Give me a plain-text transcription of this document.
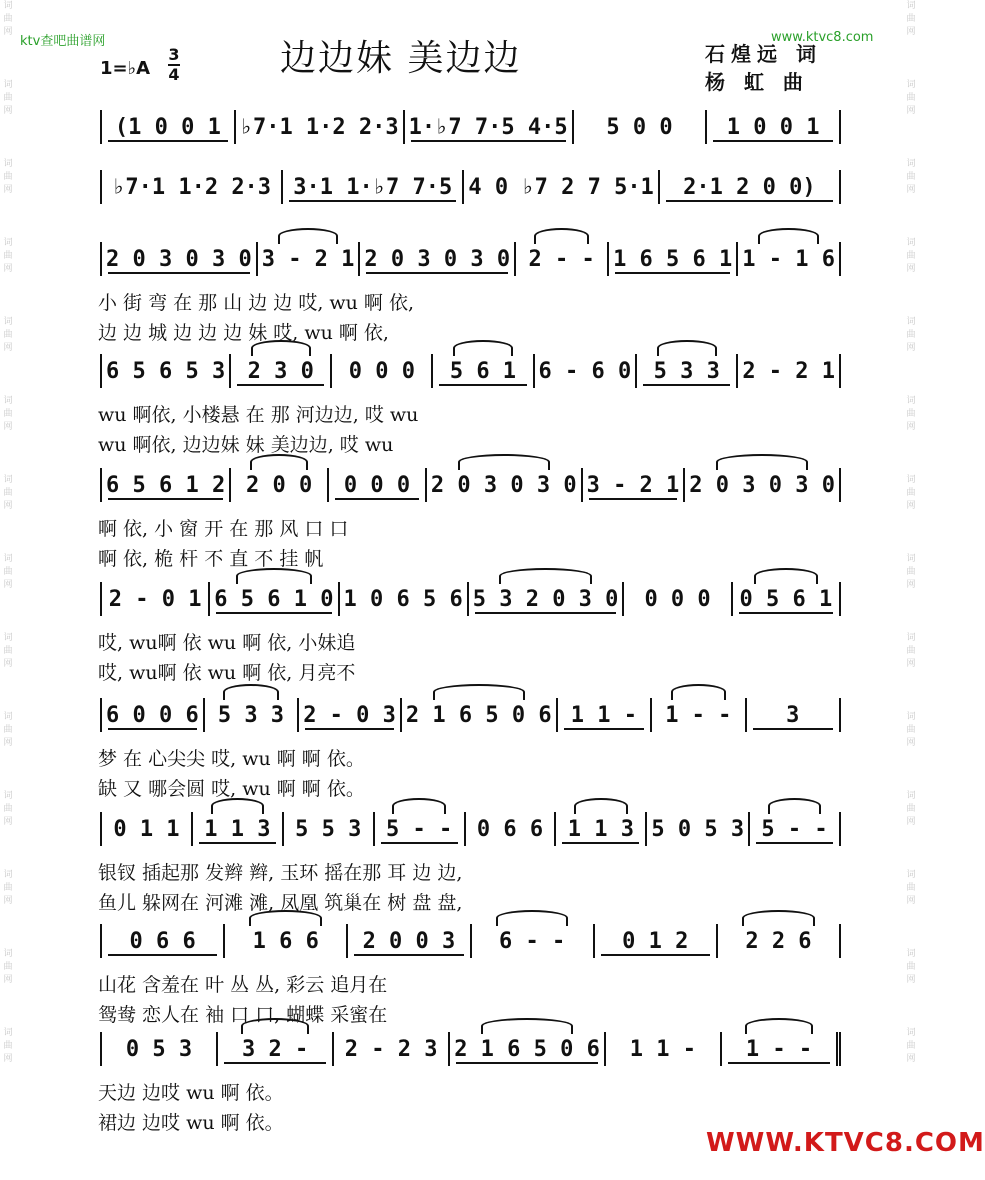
词
曲
网
词
曲
网
词
曲
网
词
曲
网
词
曲
网
词
曲
网
词
曲
网
词
曲
网
词
曲
网
词
曲
网
词
曲
网
词
曲
网
词
曲
网
词
曲
网
词
曲
网
词
曲
网
词
曲
网
词
曲
网
词
曲
网
词
曲
网
词
曲
网
词
曲
网
词
曲
网
词
曲
网
词
曲
网
词
曲
网
词
曲
网
词
曲
网
ktv查吧曲谱网	www.ktvc8.com
边边妹 美边边	石煌远 词
杨 虹 曲
1=♭A
3
4
(1 0 0 1 ♭7·1 1·2 2·3 1·♭7 7·5 4·5 5 0 0 1 0 0 1
♭7·1 1·2 2·3 3·1 1·♭7 7·5 4 0 ♭7 2 7 5·1 2·1 2 0 0)
2 0 3 0 3 0 3 - 2 1 2 0 3 0 3 0 2 - - 1 6 5 6 1 1 - 1 6
小 街 弯 在 那 山 边 边 哎, wu 啊 依,
边 边 城 边 边 边 妹 哎, wu 啊 依,
6 5 6 5 3 2 3 0 0 0 0 5 6 1 6 - 6 0 5 3 3 2 - 2 1
wu 啊依, 小楼悬 在 那 河边边, 哎 wu
wu 啊依, 边边妹 妹 美边边, 哎 wu
6 5 6 1 2 2 0 0 0 0 0 2 0 3 0 3 0 3 - 2 1 2 0 3 0 3 0
啊 依, 小 窗 开 在 那 风 口 口
啊 依, 桅 杆 不 直 不 挂 帆
2 - 0 1 6 5 6 1 0 1 0 6 5 6 5 3 2 0 3 0 0 0 0 0 5 6 1
哎, wu啊 依 wu 啊 依, 小妹追
哎, wu啊 依 wu 啊 依, 月亮不
6 0 0 6 5 3 3 2 - 0 3 2 1 6 5 0 6 1 1 - 1 - - 3
梦 在 心尖尖 哎, wu 啊 啊 依。
缺 又 哪会圆 哎, wu 啊 啊 依。
0 1 1 1 1 3 5 5 3 5 - - 0 6 6 1 1 3 5 0 5 3 5 - -
银钗 插起那 发辫 辫, 玉环 摇在那 耳 边 边,
鱼儿 躲网在 河滩 滩, 凤凰 筑巢在 树 盘 盘,
0 6 6	1 6 6 2 0 0 3 6 - -	0 1 2	2 2 6
山花 含羞在 叶 丛 丛, 彩云 追月在
鸳鸯 恋人在 袖 口 口, 蝴蝶 采蜜在
0 5 3 3 2 - 2 - 2 3 2 1 6 5 0 6 1 1 - 1 - -
天边 边哎 wu 啊 依。
裙边 边哎 wu 啊 依。
WWW.KTVC8.COM
